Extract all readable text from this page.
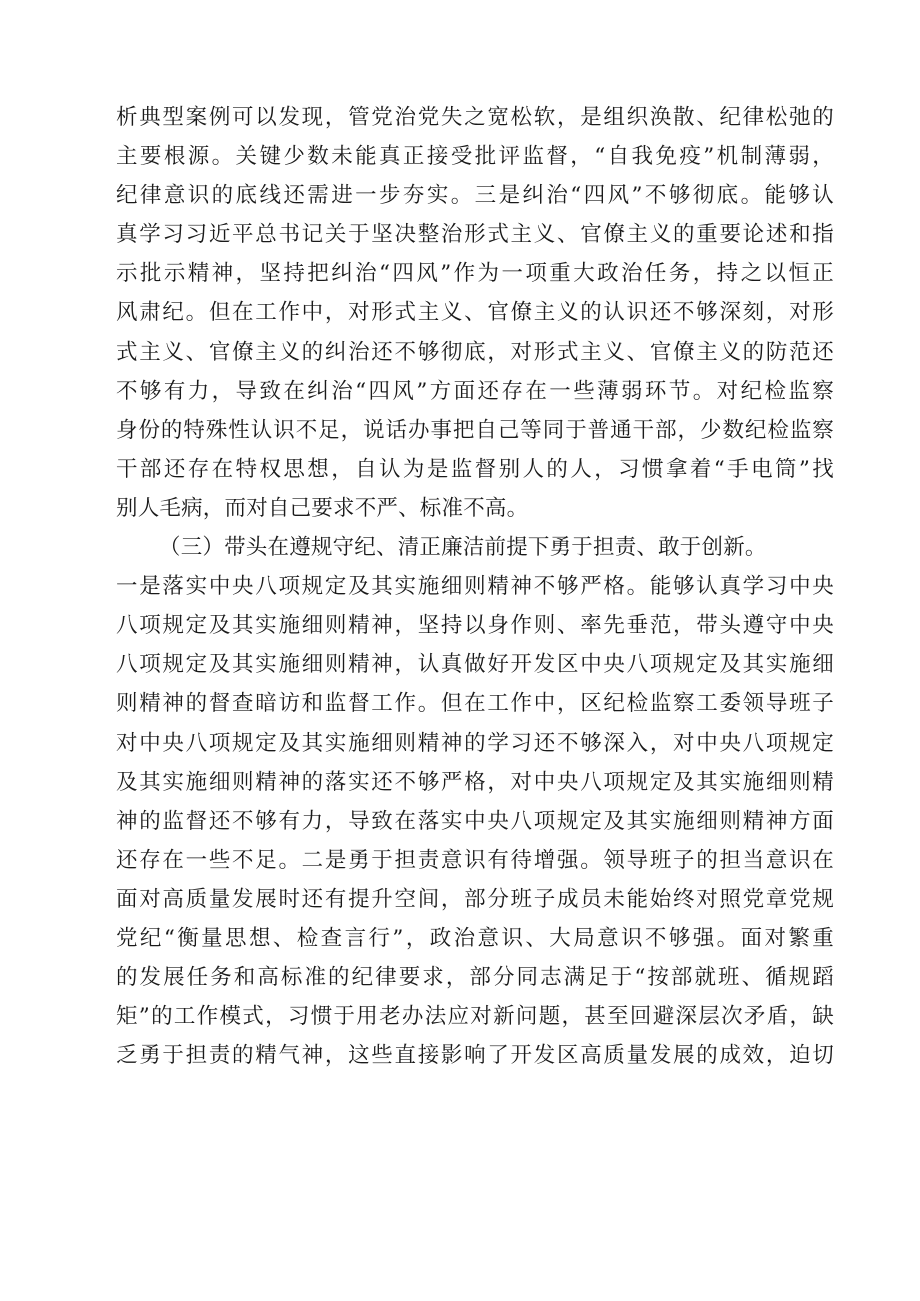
析典型案例可以发现，管党治党失之宽松软，是组织涣散、纪律松弛的
主要根源。关键少数未能真正接受批评监督，“自我免疫”机制薄弱，
纪律意识的底线还需进一步夯实。三是纠治“四风”不够彻底。能够认
真学习习近平总书记关于坚决整治形式主义、官僚主义的重要论述和指
示批示精神，坚持把纠治“四风”作为一项重大政治任务，持之以恒正
风肃纪。但在工作中，对形式主义、官僚主义的认识还不够深刻，对形
式主义、官僚主义的纠治还不够彻底，对形式主义、官僚主义的防范还
不够有力，导致在纠治“四风”方面还存在一些薄弱环节。对纪检监察
身份的特殊性认识不足，说话办事把自己等同于普通干部，少数纪检监察
干部还存在特权思想，自认为是监督别人的人，习惯拿着“手电筒”找
别人毛病，而对自己要求不严、标准不高。
（三）带头在遵规守纪、清正廉洁前提下勇于担责、敢于创新。
一是落实中央八项规定及其实施细则精神不够严格。能够认真学习中央
八项规定及其实施细则精神，坚持以身作则、率先垂范，带头遵守中央
八项规定及其实施细则精神，认真做好开发区中央八项规定及其实施细
则精神的督查暗访和监督工作。但在工作中，区纪检监察工委领导班子
对中央八项规定及其实施细则精神的学习还不够深入，对中央八项规定
及其实施细则精神的落实还不够严格，对中央八项规定及其实施细则精
神的监督还不够有力，导致在落实中央八项规定及其实施细则精神方面
还存在一些不足。二是勇于担责意识有待增强。领导班子的担当意识在
面对高质量发展时还有提升空间，部分班子成员未能始终对照党章党规
党纪“衡量思想、检查言行”，政治意识、大局意识不够强。面对繁重
的发展任务和高标准的纪律要求，部分同志满足于“按部就班、循规蹈
矩”的工作模式，习惯于用老办法应对新问题，甚至回避深层次矛盾，缺
乏勇于担责的精气神，这些直接影响了开发区高质量发展的成效，迫切
